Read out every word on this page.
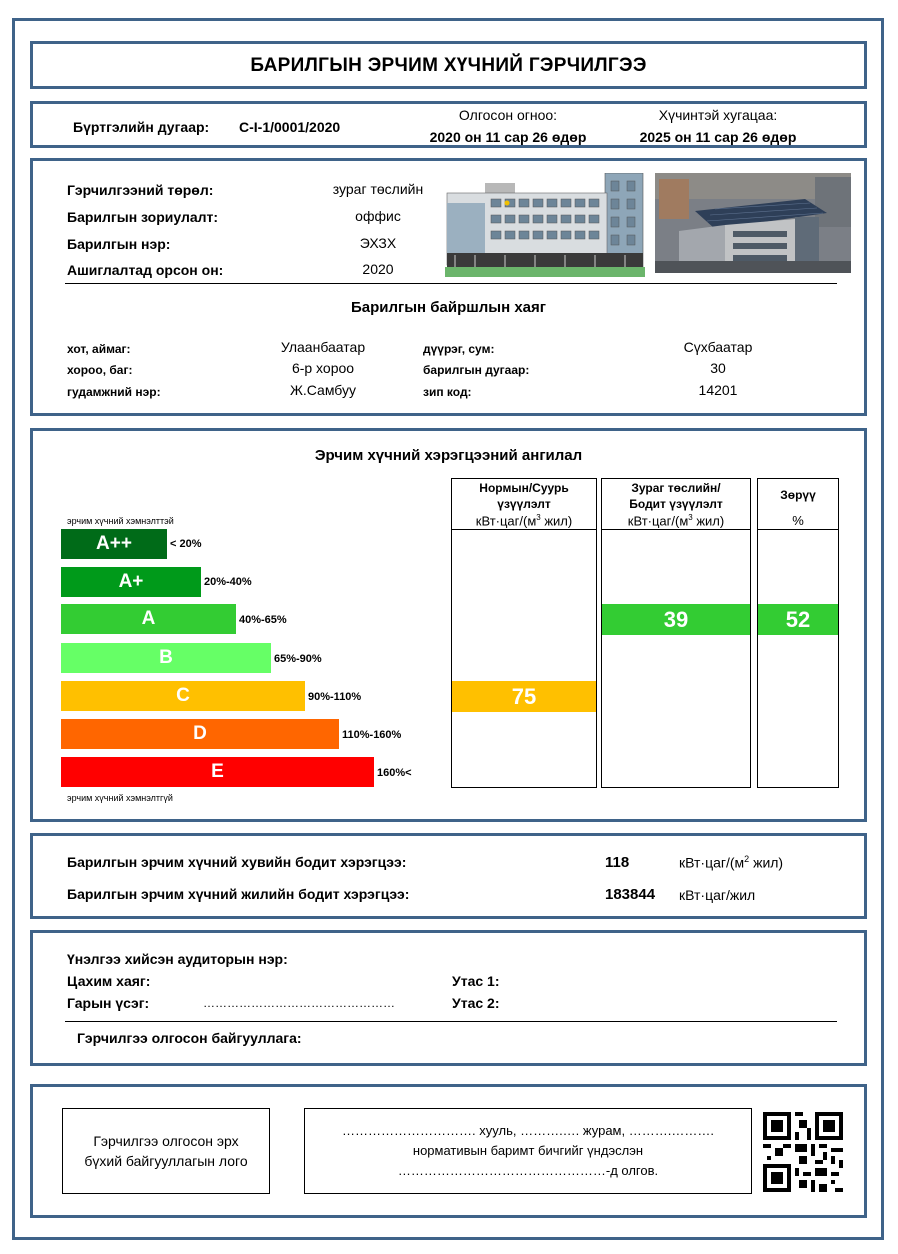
БАРИЛГЫН ЭРЧИМ ХҮЧНИЙ ГЭРЧИЛГЭЭ
Бүртгэлийн дугаар: C-I-1/0001/2020
Олгосон огноо:
2020 он 11 сар 26 өдөр
Хүчинтэй хугацаа:
2025 он 11 сар 26 өдөр
Гэрчилгээний төрөл:	зураг төслийн
Барилгын зориулалт:	оффис
Барилгын нэр:	ЭХЗХ
Ашиглалтад орсон он:	2020
Барилгын байршлын хаяг
хот, аймаг:	Улаанбаатар
хороо, баг:	6-р хороо
гудамжний нэр:	Ж.Самбуу
дүүрэг, сум:	Сүхбаатар
барилгын дугаар:	30
зип код:	14201
Эрчим хүчний хэрэгцээний ангилал
эрчим хүчний хэмнэлттэй
A++	< 20%
A+	20%-40%
A	40%-65%
B	65%-90%
C	90%-110%
D	110%-160%
E	160%<
эрчим хүчний хэмнэлтгүй
Нормын/Суурь
үзүүлэлт
$кВт\cdot цаг/(м^3$ жил)
75
Зураг төслийн/
Бодит үзүүлэлт
$кВт\cdot цаг/(м^3$ жил)
39
Зөрүү
%
52
Барилгын эрчим хүчний хувийн бодит хэрэгцээ:	118	$кВт\cdot цаг/(м^2$ жил)
Барилгын эрчим хүчний жилийн бодит хэрэгцээ:	183844 кВт·цаг/жил
Үнэлгээ хийсэн аудиторын нэр:
Цахим хаяг:
Гарын үсэг:	…………………………………………
Утас 1:
Утас 2:
Гэрчилгээ олгосон байгууллага:
Гэрчилгээ олгосон эрх
бүхий байгууллагын лого
…………………………. хууль, ……….…. журам, ……….……….
нормативын баримт бичгийг үндэслэн
…………………………………………-д олгов.
